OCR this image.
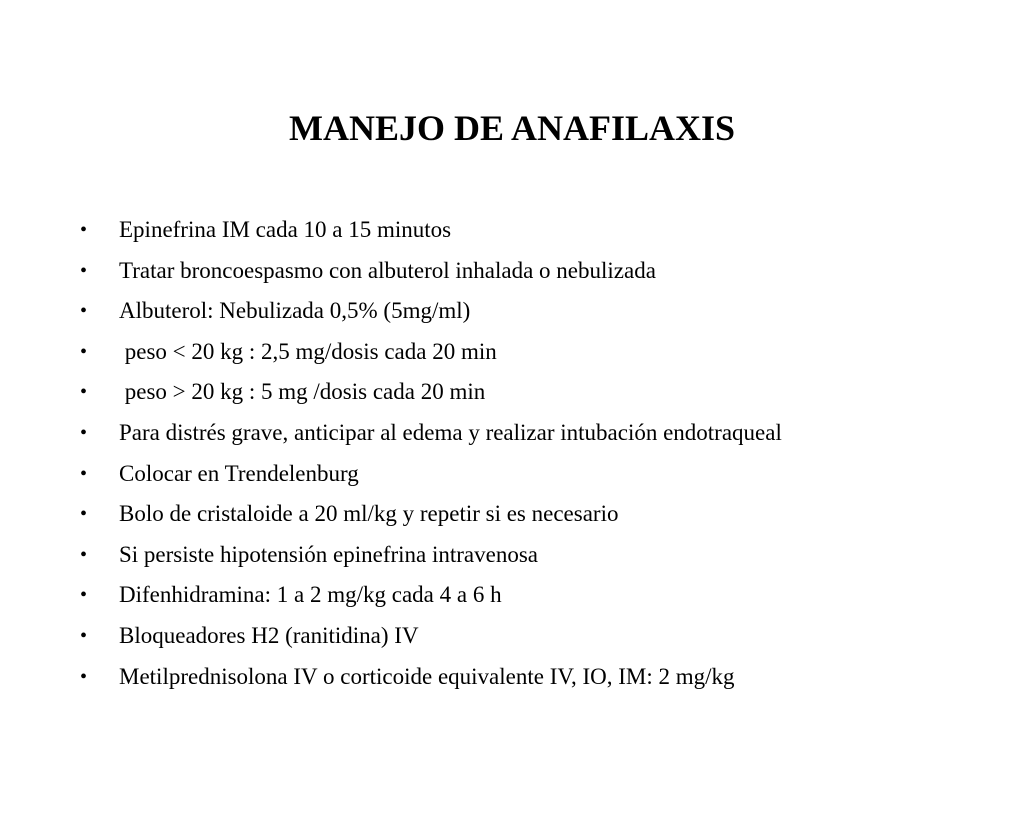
MANEJO DE ANAFILAXIS

•

	Epinefrina IM cada 10 a 15 minutos

•

	Tratar broncoespasmo con albuterol inhalada o nebulizada

•

	Albuterol: Nebulizada 0,5% (5mg/ml)

•

	peso < 20 kg : 2,5 mg/dosis cada 20 min

•

	peso > 20 kg : 5 mg /dosis cada 20 min

•

	Para distrés grave, anticipar al edema y realizar intubación endotraqueal

•

	Colocar en Trendelenburg

•

	Bolo de cristaloide a 20 ml/kg y repetir si es necesario

•

	Si persiste hipotensión epinefrina intravenosa

•

	Difenhidramina: 1 a 2 mg/kg cada 4 a 6 h

•

	Bloqueadores H2 (ranitidina) IV

•

	Metilprednisolona IV o corticoide equivalente IV, IO, IM: 2 mg/kg
